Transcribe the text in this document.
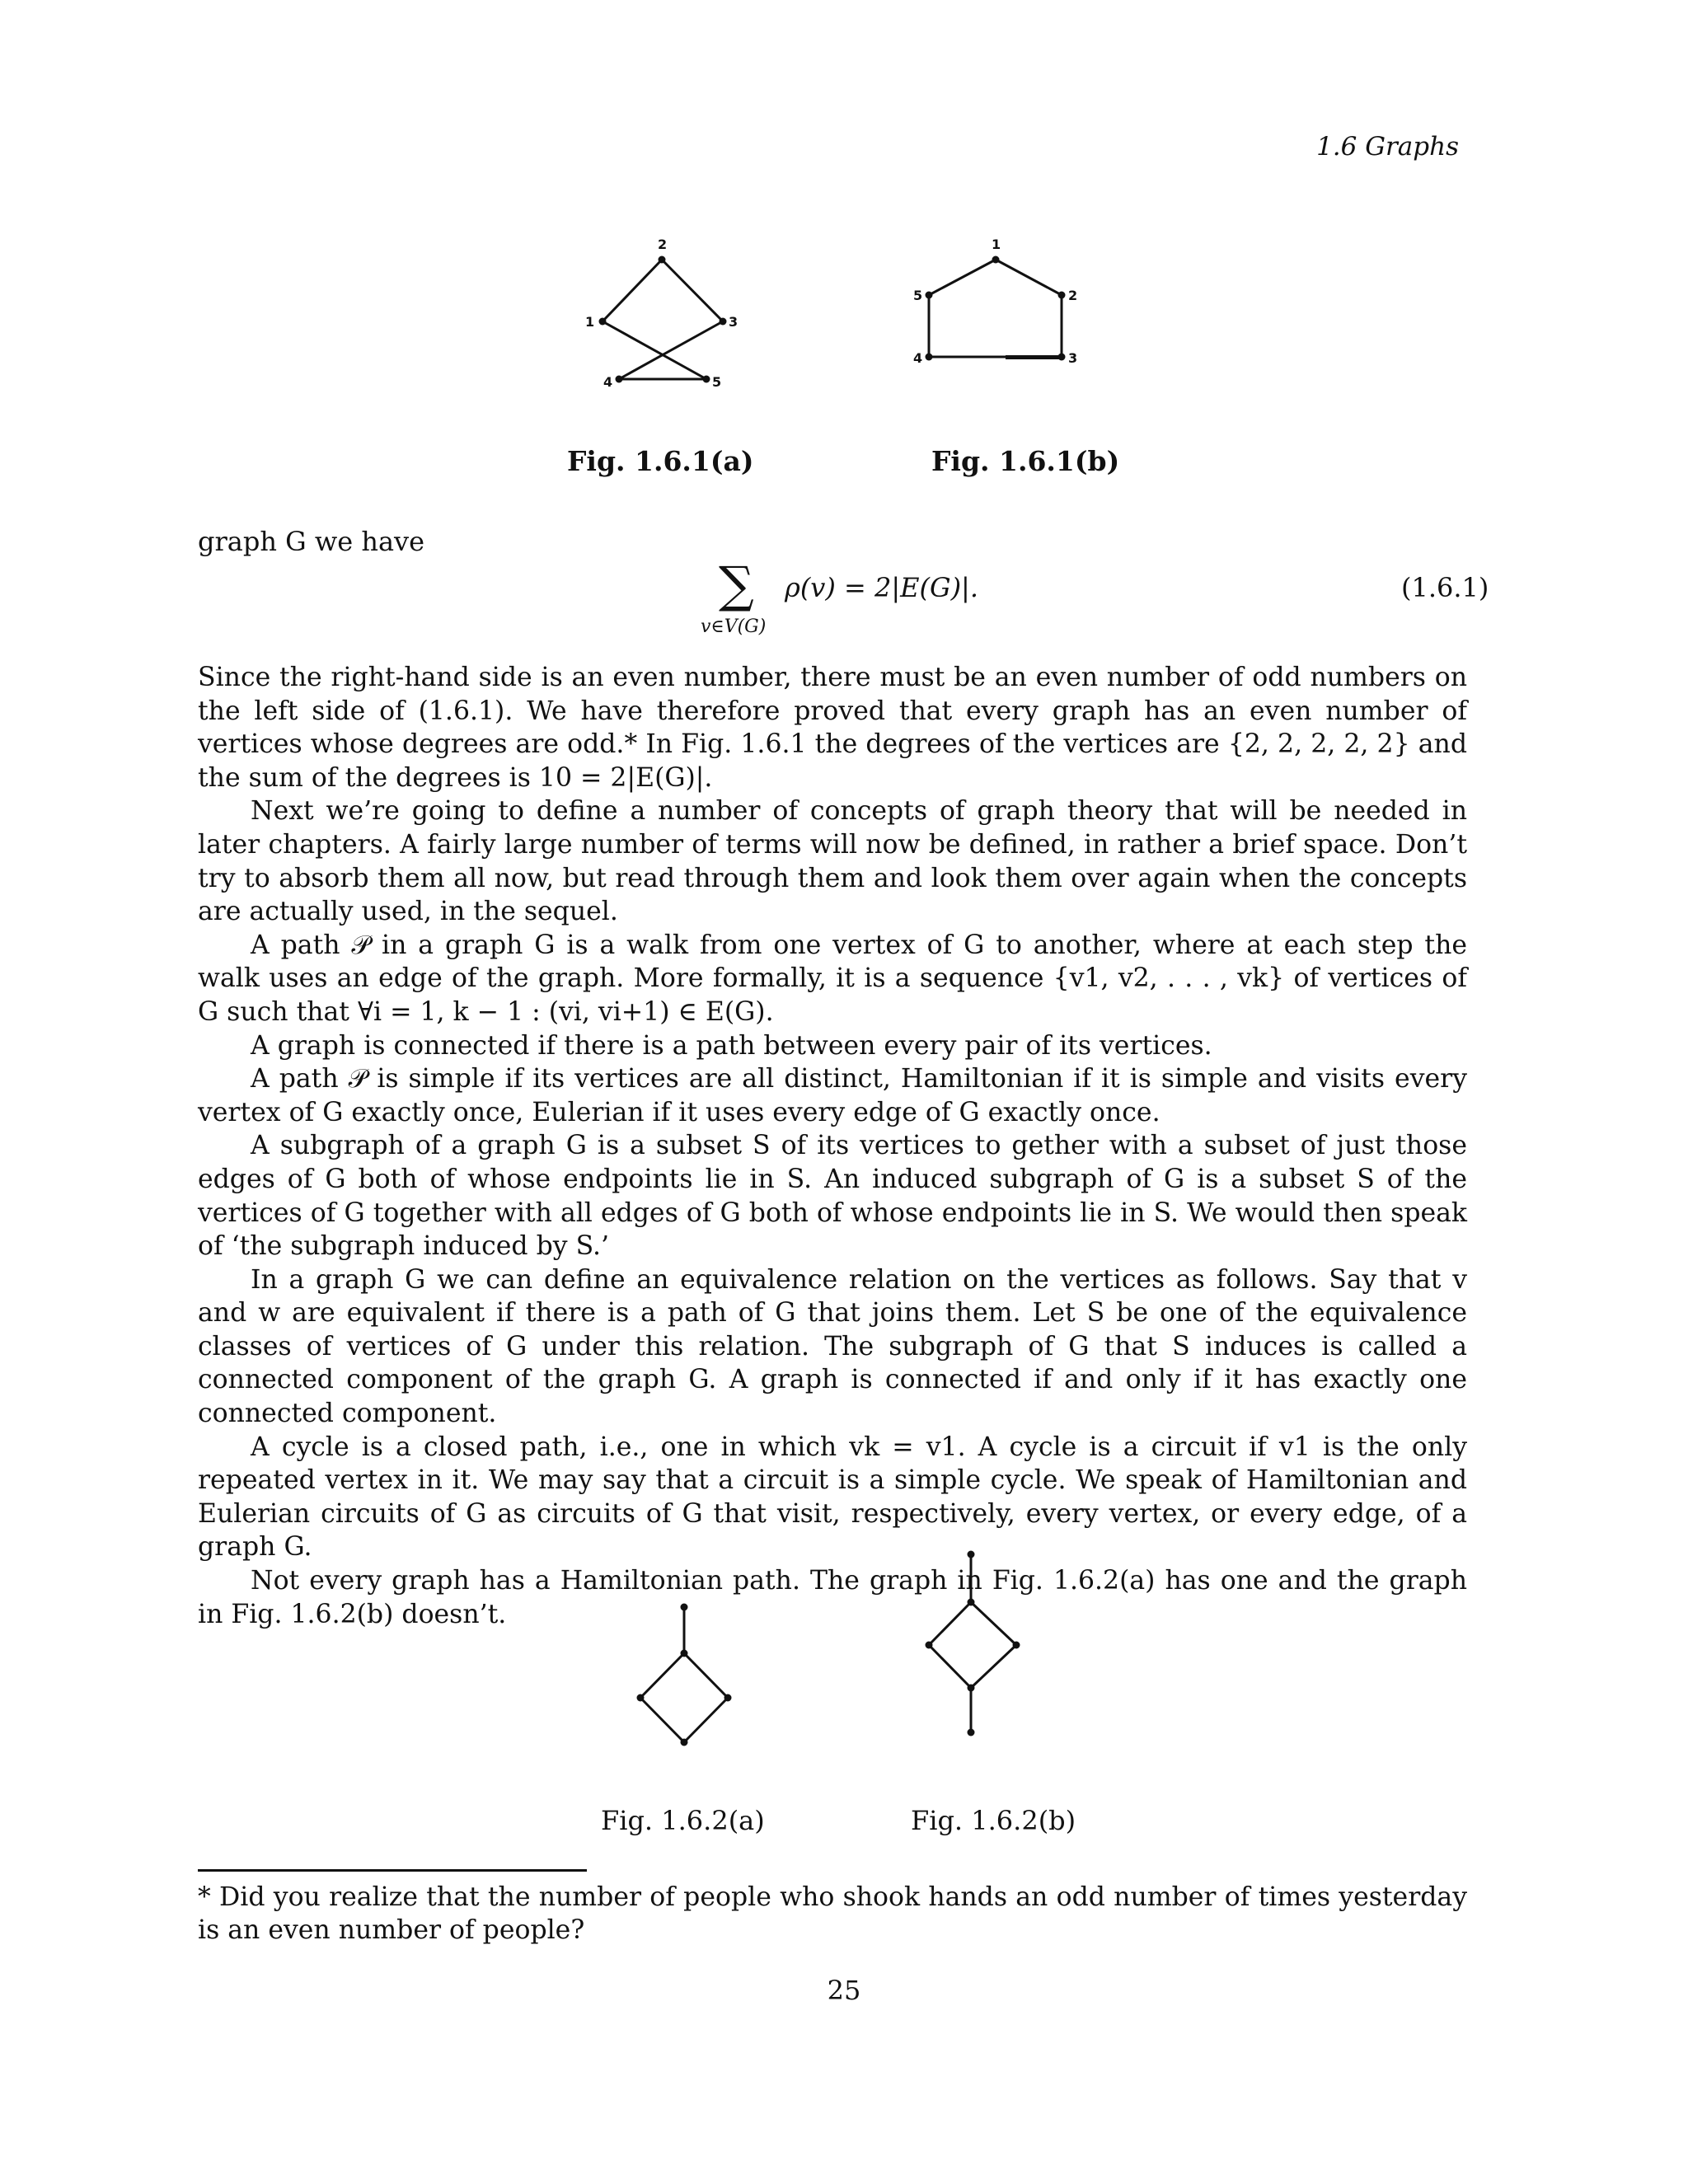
1.6 Graphs
2
1	3
4	5
Fig. 1.6.1(a)
1
5	2
4	3
Fig. 1.6.1(b)
graph G we have
∑ ρ(v) = 2|E(G)|.
v∈V(G)
(1.6.1)

Since the right-hand side is an even number, there must be an even number of odd numbers on the left side of (1.6.1). We have therefore proved that every graph has an even number of vertices whose degrees are odd.* In Fig. 1.6.1 the degrees of the vertices are {2, 2, 2, 2, 2} and the sum of the degrees is 10 = 2|E(G)|.

Next we’re going to define a number of concepts of graph theory that will be needed in later chapters. A fairly large number of terms will now be defined, in rather a brief space. Don’t try to absorb them all now, but read through them and look them over again when the concepts are actually used, in the sequel.

A path 𝒫 in a graph G is a walk from one vertex of G to another, where at each step the walk uses an edge of the graph. More formally, it is a sequence {v1, v2, . . . , vk} of vertices of G such that ∀i = 1, k − 1 : (vi, vi+1) ∈ E(G).

A graph is connected if there is a path between every pair of its vertices.

A path 𝒫 is simple if its vertices are all distinct, Hamiltonian if it is simple and visits every vertex of G exactly once, Eulerian if it uses every edge of G exactly once.

A subgraph of a graph G is a subset S of its vertices to gether with a subset of just those edges of G both of whose endpoints lie in S. An induced subgraph of G is a subset S of the vertices of G together with all edges of G both of whose endpoints lie in S. We would then speak of ‘the subgraph induced by S.’

In a graph G we can define an equivalence relation on the vertices as follows. Say that v and w are equivalent if there is a path of G that joins them. Let S be one of the equivalence classes of vertices of G under this relation. The subgraph of G that S induces is called a connected component of the graph G. A graph is connected if and only if it has exactly one connected component.

A cycle is a closed path, i.e., one in which vk = v1. A cycle is a circuit if v1 is the only repeated vertex in it. We may say that a circuit is a simple cycle. We speak of Hamiltonian and Eulerian circuits of G as circuits of G that visit, respectively, every vertex, or every edge, of a graph G.

Not every graph has a Hamiltonian path. The graph in Fig. 1.6.2(a) has one and the graph in Fig. 1.6.2(b) doesn’t.

Fig. 1.6.2(a)	Fig. 1.6.2(b)
* Did you realize that the number of people who shook hands an odd number of times yesterday is an even number of people?
25
